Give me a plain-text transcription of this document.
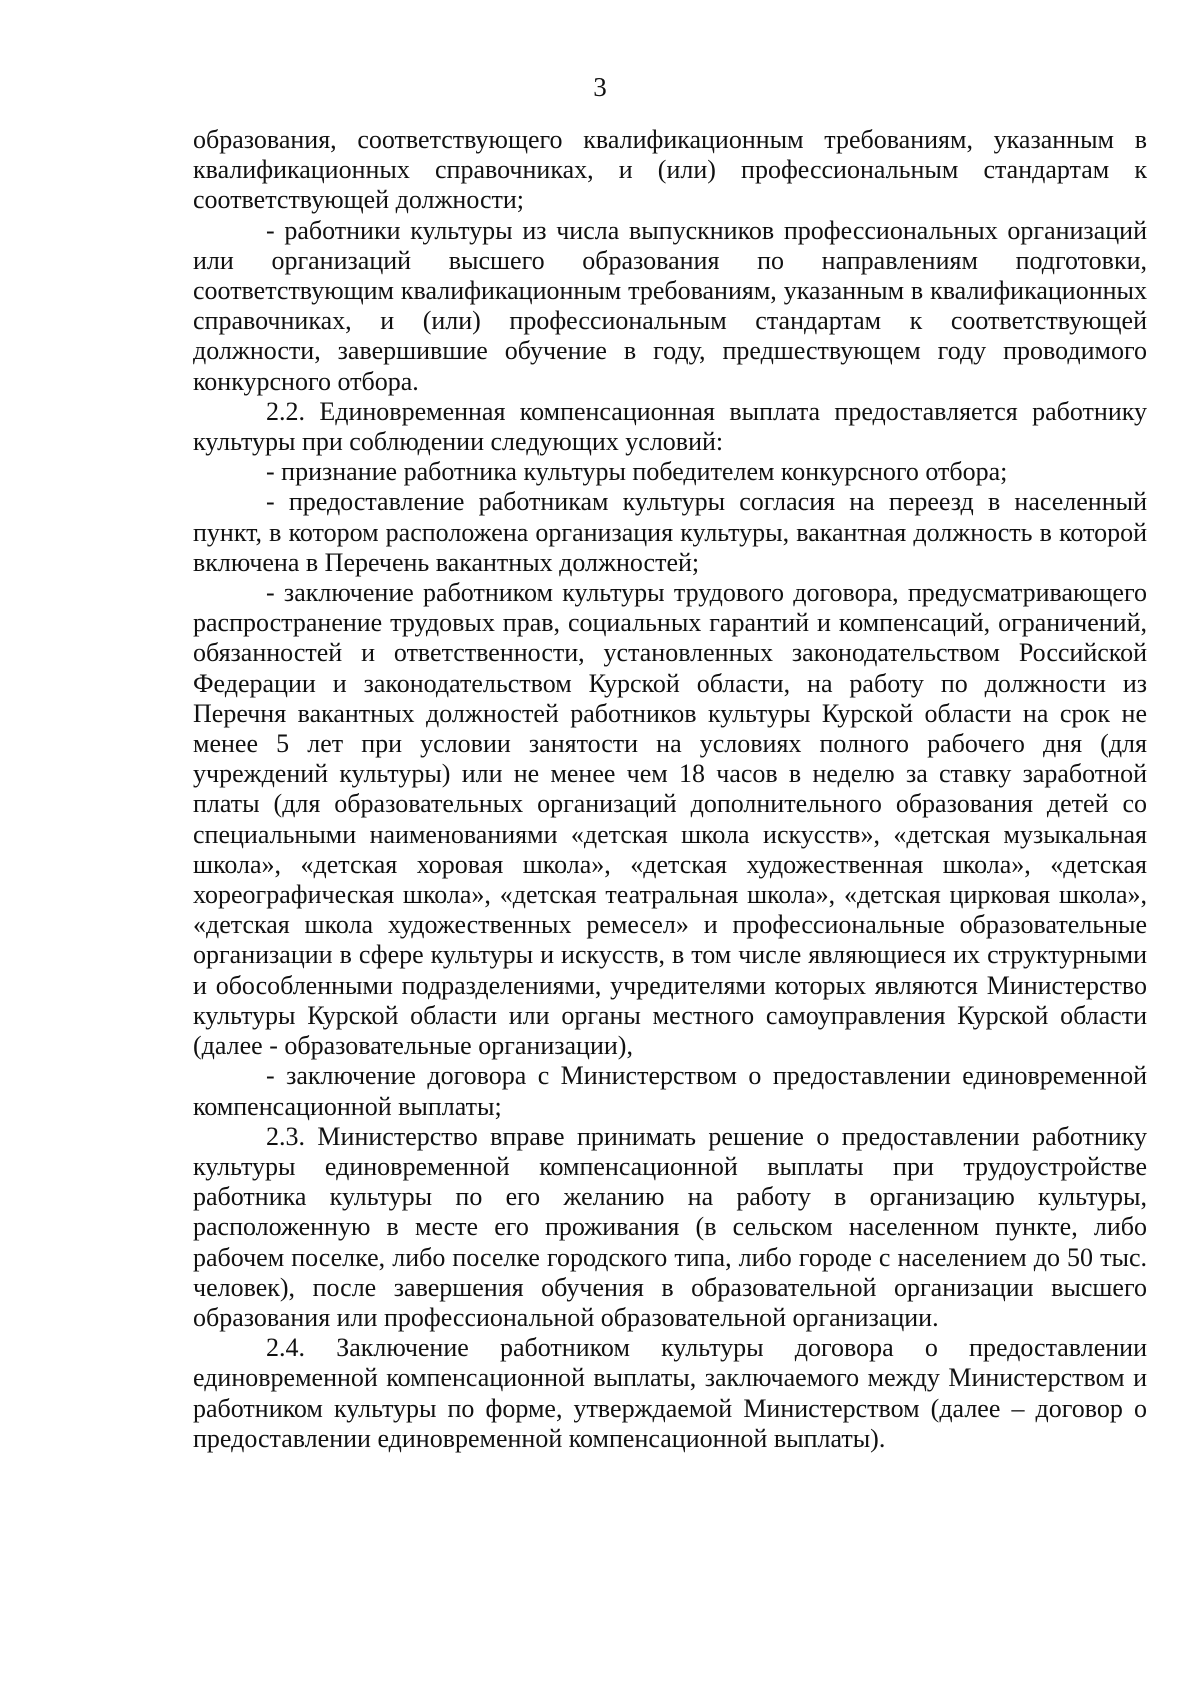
3

образования, соответствующего квалификационным требованиям, указанным в квалификационных справочниках, и (или) профессиональным стандартам к соответствующей должности;

- работники культуры из числа выпускников профессиональных организаций или организаций высшего образования по направлениям подготовки, соответствующим квалификационным требованиям, указанным в квалификационных справочниках, и (или) профессиональным стандартам к соответствующей должности, завершившие обучение в году, предшествующем году проводимого конкурсного отбора.

2.2. Единовременная компенсационная выплата предоставляется работнику культуры при соблюдении следующих условий:

- признание работника культуры победителем конкурсного отбора;

- предоставление работникам культуры согласия на переезд в населенный пункт, в котором расположена организация культуры, вакантная должность в которой включена в Перечень вакантных должностей;

- заключение работником культуры трудового договора, предусматривающего распространение трудовых прав, социальных гарантий и компенсаций, ограничений, обязанностей и ответственности, установленных законодательством Российской Федерации и законодательством Курской области, на работу по должности из Перечня вакантных должностей работников культуры Курской области на срок не менее 5 лет при условии занятости на условиях полного рабочего дня (для учреждений культуры) или не менее чем 18 часов в неделю за ставку заработной платы (для образовательных организаций дополнительного образования детей со специальными наименованиями «детская школа искусств», «детская музыкальная школа», «детская хоровая школа», «детская художественная школа», «детская хореографическая школа», «детская театральная школа», «детская цирковая школа», «детская школа художественных ремесел» и профессиональные образовательные организации в сфере культуры и искусств, в том числе являющиеся их структурными и обособленными подразделениями, учредителями которых являются Министерство культуры Курской области или органы местного самоуправления Курской области (далее - образовательные организации),

- заключение договора с Министерством о предоставлении единовременной компенсационной выплаты;

2.3. Министерство вправе принимать решение о предоставлении работнику культуры единовременной компенсационной выплаты при трудоустройстве работника культуры по его желанию на работу в организацию культуры, расположенную в месте его проживания (в сельском населенном пункте, либо рабочем поселке, либо поселке городского типа, либо городе с населением до 50 тыс. человек), после завершения обучения в образовательной организации высшего образования или профессиональной образовательной организации.

2.4. Заключение работником культуры договора о предоставлении единовременной компенсационной выплаты, заключаемого между Министерством и работником культуры по форме, утверждаемой Министерством (далее – договор о предоставлении единовременной компенсационной выплаты).
